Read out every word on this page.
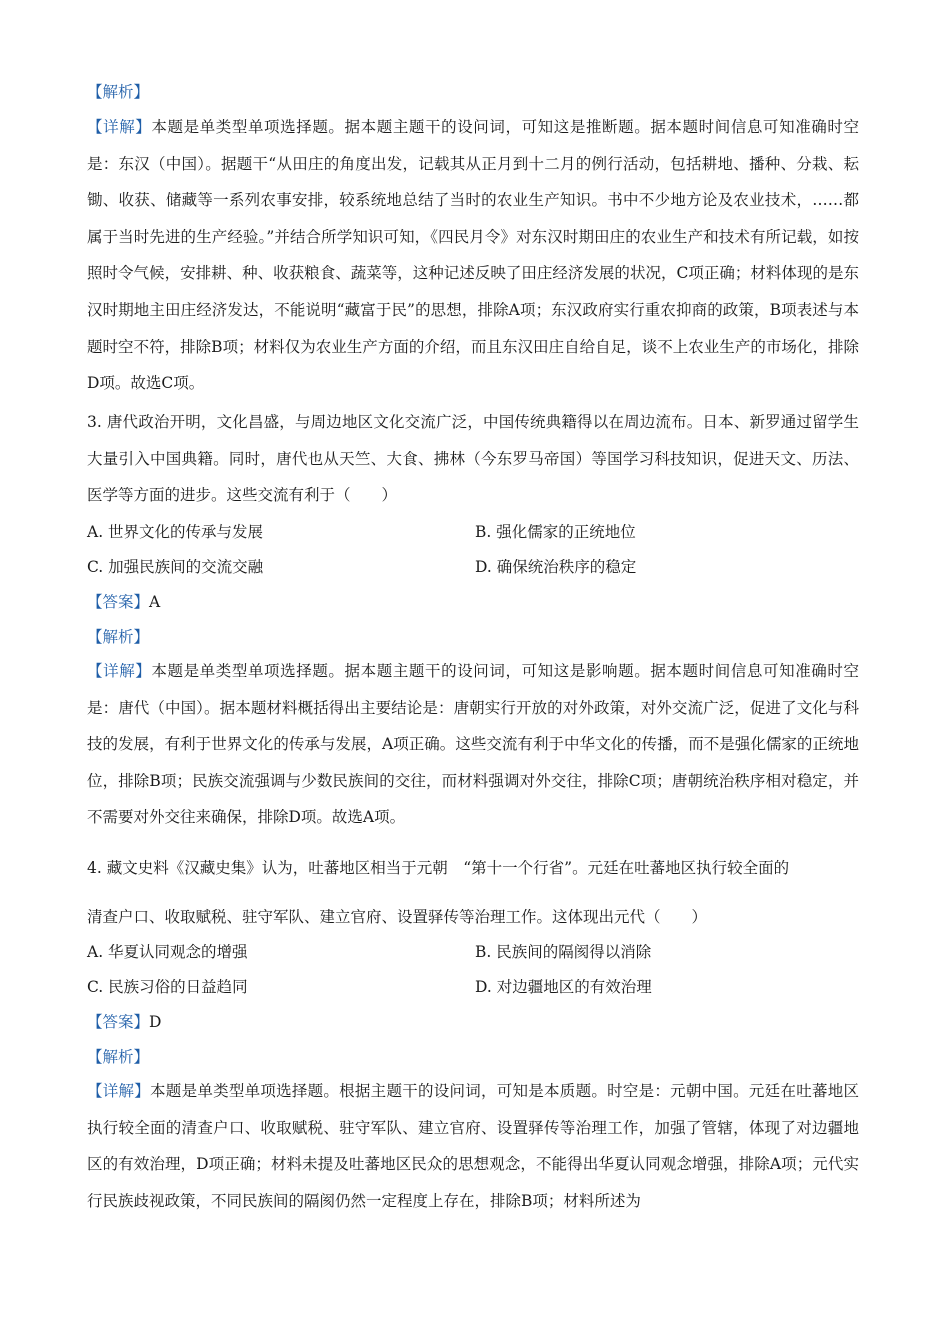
【解析】
【详解】本题是单类型单项选择题。据本题主题干的设问词，可知这是推断题。据本题时间信息可知准确时空是：东汉（中国）。据题干“从田庄的角度出发，记载其从正月到十二月的例行活动，包括耕地、播种、分栽、耘锄、收获、储藏等一系列农事安排，较系统地总结了当时的农业生产知识。书中不少地方论及农业技术，……都属于当时先进的生产经验。”并结合所学知识可知，《四民月令》对东汉时期田庄的农业生产和技术有所记载，如按照时令气候，安排耕、种、收获粮食、蔬菜等，这种记述反映了田庄经济发展的状况，C项正确；材料体现的是东汉时期地主田庄经济发达，不能说明“藏富于民”的思想，排除A项；东汉政府实行重农抑商的政策，B项表述与本题时空不符，排除B项；材料仅为农业生产方面的介绍，而且东汉田庄自给自足，谈不上农业生产的市场化，排除D项。故选C项。
3. 唐代政治开明，文化昌盛，与周边地区文化交流广泛，中国传统典籍得以在周边流布。日本、新罗通过留学生大量引入中国典籍。同时，唐代也从天竺、大食、拂林（今东罗马帝国）等国学习科技知识，促进天文、历法、医学等方面的进步。这些交流有利于（　　）
A. 世界文化的传承与发展	B. 强化儒家的正统地位
C. 加强民族间的交流交融	D. 确保统治秩序的稳定
【答案】A
【解析】
【详解】本题是单类型单项选择题。据本题主题干的设问词，可知这是影响题。据本题时间信息可知准确时空是：唐代（中国）。据本题材料概括得出主要结论是：唐朝实行开放的对外政策，对外交流广泛，促进了文化与科技的发展，有利于世界文化的传承与发展，A项正确。这些交流有利于中华文化的传播，而不是强化儒家的正统地位，排除B项；民族交流强调与少数民族间的交往，而材料强调对外交往，排除C项；唐朝统治秩序相对稳定，并不需要对外交往来确保，排除D项。故选A项。
4. 藏文史料《汉藏史集》认为，吐蕃地区相当于元朝　“第十一个行省”。元廷在吐蕃地区执行较全面的
清查户口、收取赋税、驻守军队、建立官府、设置驿传等治理工作。这体现出元代（　　）
A. 华夏认同观念的增强	B. 民族间的隔阂得以消除
C. 民族习俗的日益趋同	D. 对边疆地区的有效治理
【答案】D
【解析】
【详解】本题是单类型单项选择题。根据主题干的设问词，可知是本质题。时空是：元朝中国。元廷在吐蕃地区执行较全面的清查户口、收取赋税、驻守军队、建立官府、设置驿传等治理工作，加强了管辖，体现了对边疆地区的有效治理，D项正确；材料未提及吐蕃地区民众的思想观念，不能得出华夏认同观念增强，排除A项；元代实行民族歧视政策，不同民族间的隔阂仍然一定程度上存在，排除B项；材料所述为
